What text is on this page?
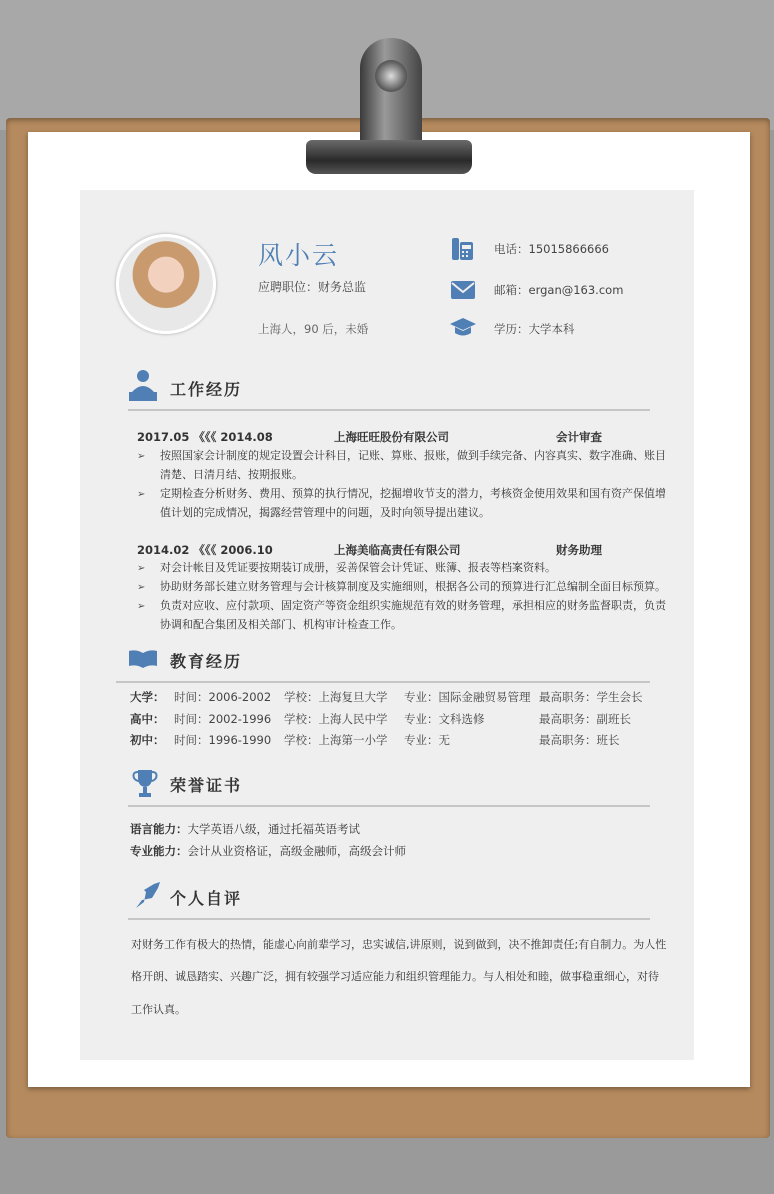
风小云
应聘职位：财务总监
上海人，90 后，未婚
电话：15015866666
邮箱：ergan@163.com
学历：大学本科
工作经历
2017.05 《《《 2014.08	上海旺旺股份有限公司	会计审查
➢ 按照国家会计制度的规定设置会计科目，记账、算账、报账，做到手续完备、内容真实、数字准确、账目
清楚、日清月结、按期报账。
➢ 定期检查分析财务、费用、预算的执行情况，挖掘增收节支的潜力，考核资金使用效果和国有资产保值增
值计划的完成情况，揭露经营管理中的问题，及时向领导提出建议。
2014.02 《《《 2006.10	上海美临高责任有限公司	财务助理
➢ 对会计帐目及凭证要按期装订成册，妥善保管会计凭证、账簿、报表等档案资料。
➢ 协助财务部长建立财务管理与会计核算制度及实施细则，根据各公司的预算进行汇总编制全面目标预算。
➢ 负责对应收、应付款项、固定资产等资金组织实施规范有效的财务管理，承担相应的财务监督职责，负责
协调和配合集团及相关部门、机构审计检查工作。
教育经历
大学： 时间：2006-2002 学校：上海复旦大学 专业：国际金融贸易管理 最高职务：学生会长
高中： 时间：2002-1996 学校：上海人民中学 专业：文科选修	最高职务：副班长
初中： 时间：1996-1990 学校：上海第一小学 专业：无	最高职务：班长
荣誉证书
语言能力：大学英语八级，通过托福英语考试
专业能力：会计从业资格证，高级金融师，高级会计师
个人自评
对财务工作有极大的热情，能虚心向前辈学习，忠实诚信,讲原则，说到做到，决不推卸责任;有自制力。为人性
格开朗、诚恳踏实、兴趣广泛，拥有较强学习适应能力和组织管理能力。与人相处和睦，做事稳重细心，对待
工作认真。
